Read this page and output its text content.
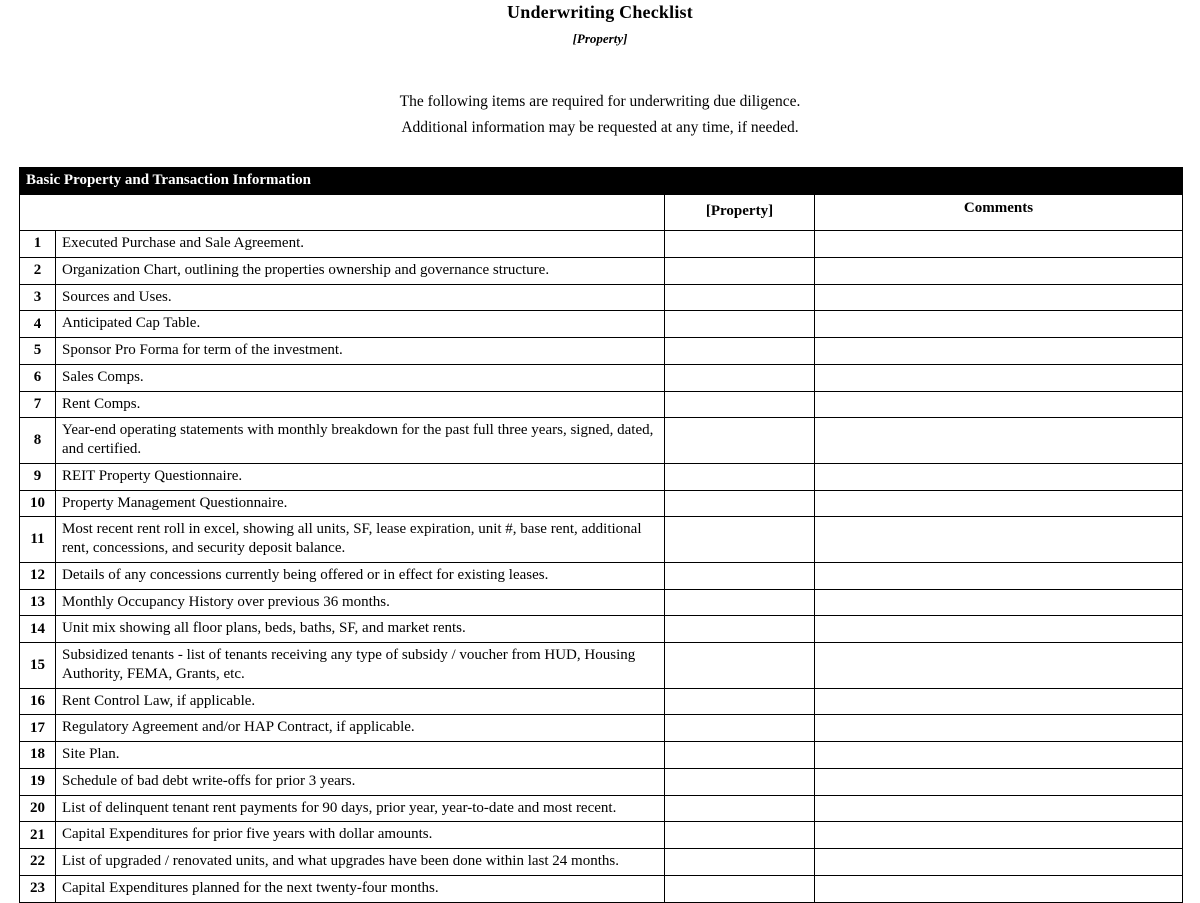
Underwriting Checklist
[Property]

The following items are required for underwriting due diligence.

Additional information may be requested at any time, if needed.

Basic Property and Transaction Information			
		[Property]	Comments
1	Executed Purchase and Sale Agreement.		
2	Organization Chart, outlining the properties ownership and governance structure.		
3	Sources and Uses.		
4	Anticipated Cap Table.		
5	Sponsor Pro Forma for term of the investment.		
6	Sales Comps.		
7	Rent Comps.		
8	Year-end operating statements with monthly breakdown for the past full three years, signed, dated, and certified.		
9	REIT Property Questionnaire.		
10	Property Management Questionnaire.		
11	Most recent rent roll in excel, showing all units, SF, lease expiration, unit #, base rent, additional rent, concessions, and security deposit balance.		
12	Details of any concessions currently being offered or in effect for existing leases.		
13	Monthly Occupancy History over previous 36 months.		
14	Unit mix showing all floor plans, beds, baths, SF, and market rents.		
15	Subsidized tenants - list of tenants receiving any type of subsidy / voucher from HUD, Housing Authority, FEMA, Grants, etc.		
16	Rent Control Law, if applicable.		
17	Regulatory Agreement and/or HAP Contract, if applicable.		
18	Site Plan.		
19	Schedule of bad debt write-offs for prior 3 years.		
20	List of delinquent tenant rent payments for 90 days, prior year, year-to-date and most recent.		
21	Capital Expenditures for prior five years with dollar amounts.		
22	List of upgraded / renovated units, and what upgrades have been done within last 24 months.		
23	Capital Expenditures planned for the next twenty-four months.		
